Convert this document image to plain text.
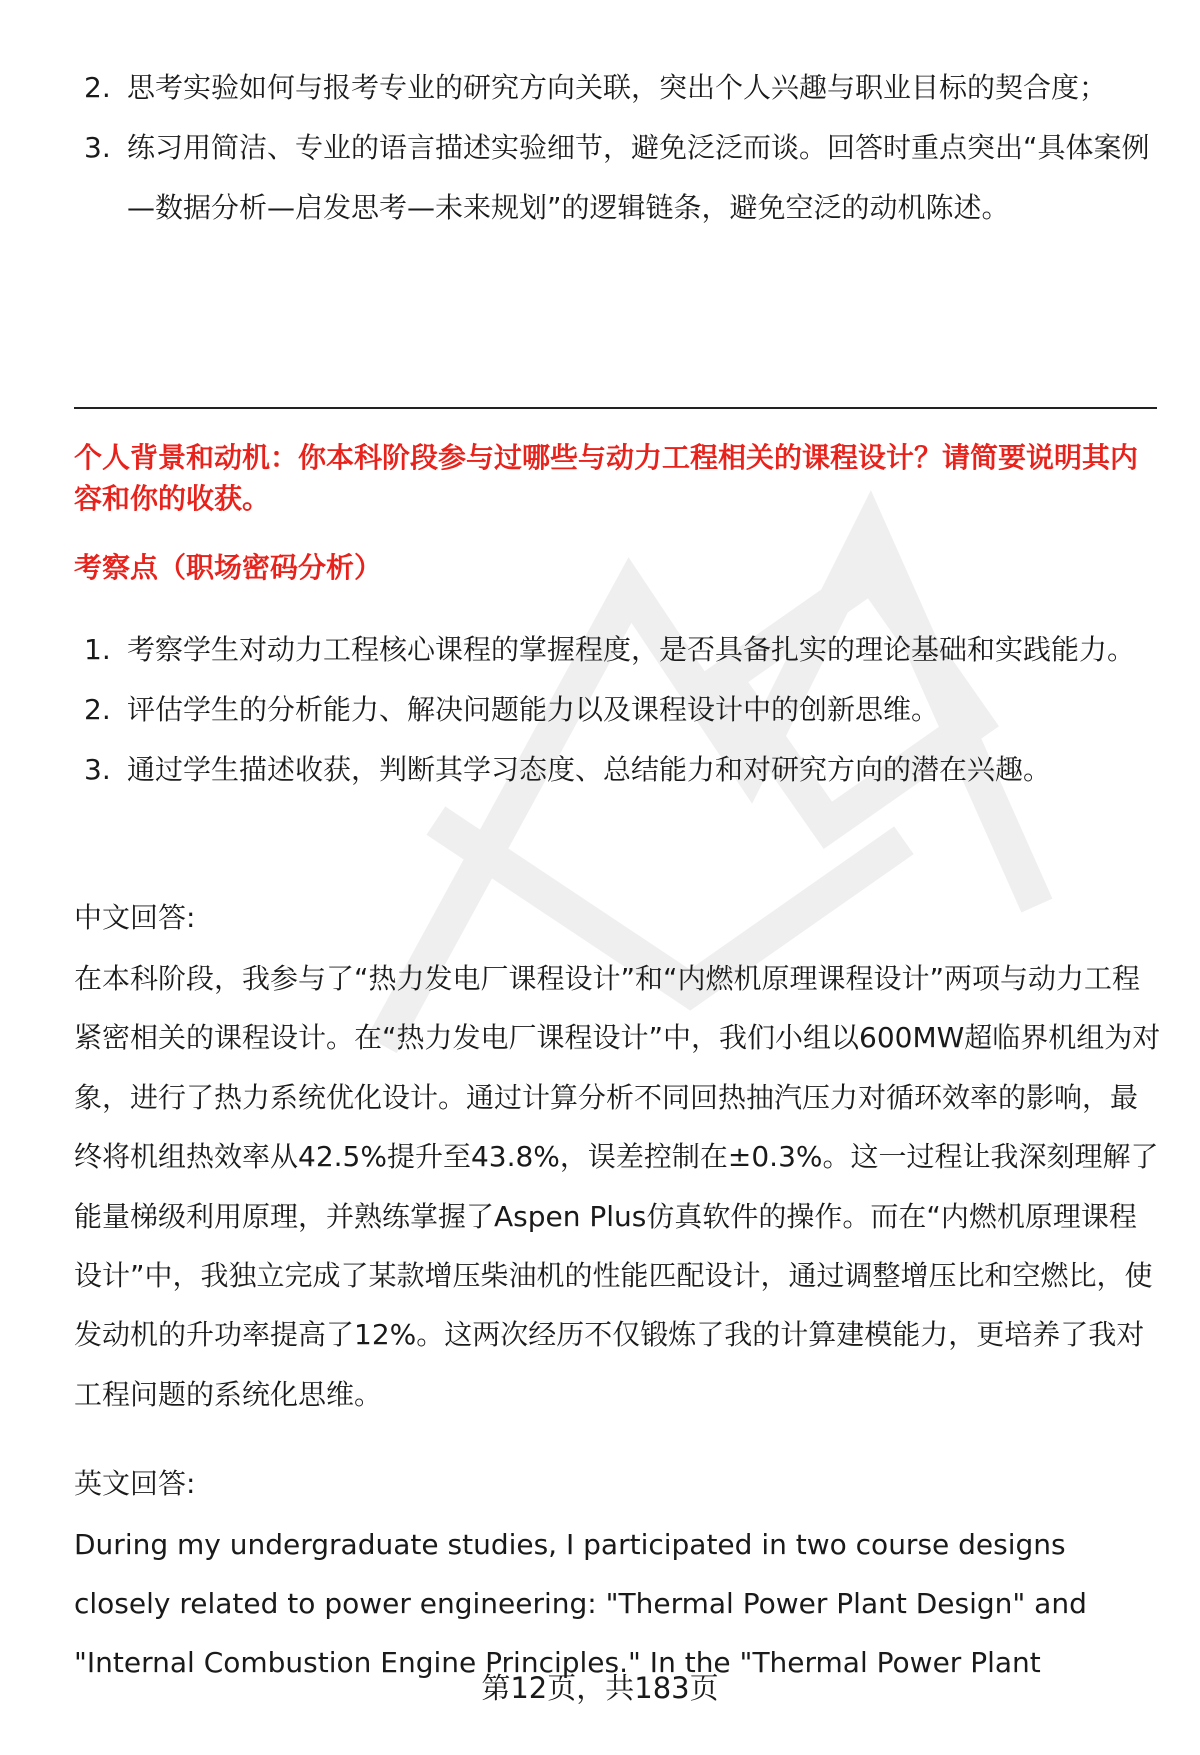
2. 思考实验如何与报考专业的研究方向关联，突出个人兴趣与职业目标的契合度；
3. 练习用简洁、专业的语言描述实验细节，避免泛泛而谈。回答时重点突出“具体案例—数据分析—启发思考—未来规划”的逻辑链条，避免空泛的动机陈述。
个人背景和动机：你本科阶段参与过哪些与动力工程相关的课程设计？请简要说明其内容和你的收获。
考察点（职场密码分析）
1. 考察学生对动力工程核心课程的掌握程度，是否具备扎实的理论基础和实践能力。
2. 评估学生的分析能力、解决问题能力以及课程设计中的创新思维。
3. 通过学生描述收获，判断其学习态度、总结能力和对研究方向的潜在兴趣。
中文回答:

在本科阶段，我参与了“热力发电厂课程设计”和“内燃机原理课程设计”两项与动力工程紧密相关的课程设计。在“热力发电厂课程设计”中，我们小组以600MW超临界机组为对象，进行了热力系统优化设计。通过计算分析不同回热抽汽压力对循环效率的影响，最终将机组热效率从42.5%提升至43.8%，误差控制在±0.3%。这一过程让我深刻理解了能量梯级利用原理，并熟练掌握了Aspen Plus仿真软件的操作。而在“内燃机原理课程设计”中，我独立完成了某款增压柴油机的性能匹配设计，通过调整增压比和空燃比，使发动机的升功率提高了12%。这两次经历不仅锻炼了我的计算建模能力，更培养了我对工程问题的系统化思维。

英文回答:

During my undergraduate studies, I participated in two course designs closely related to power engineering: "Thermal Power Plant Design" and "Internal Combustion Engine Principles." In the "Thermal Power Plant

第12页，共183页
